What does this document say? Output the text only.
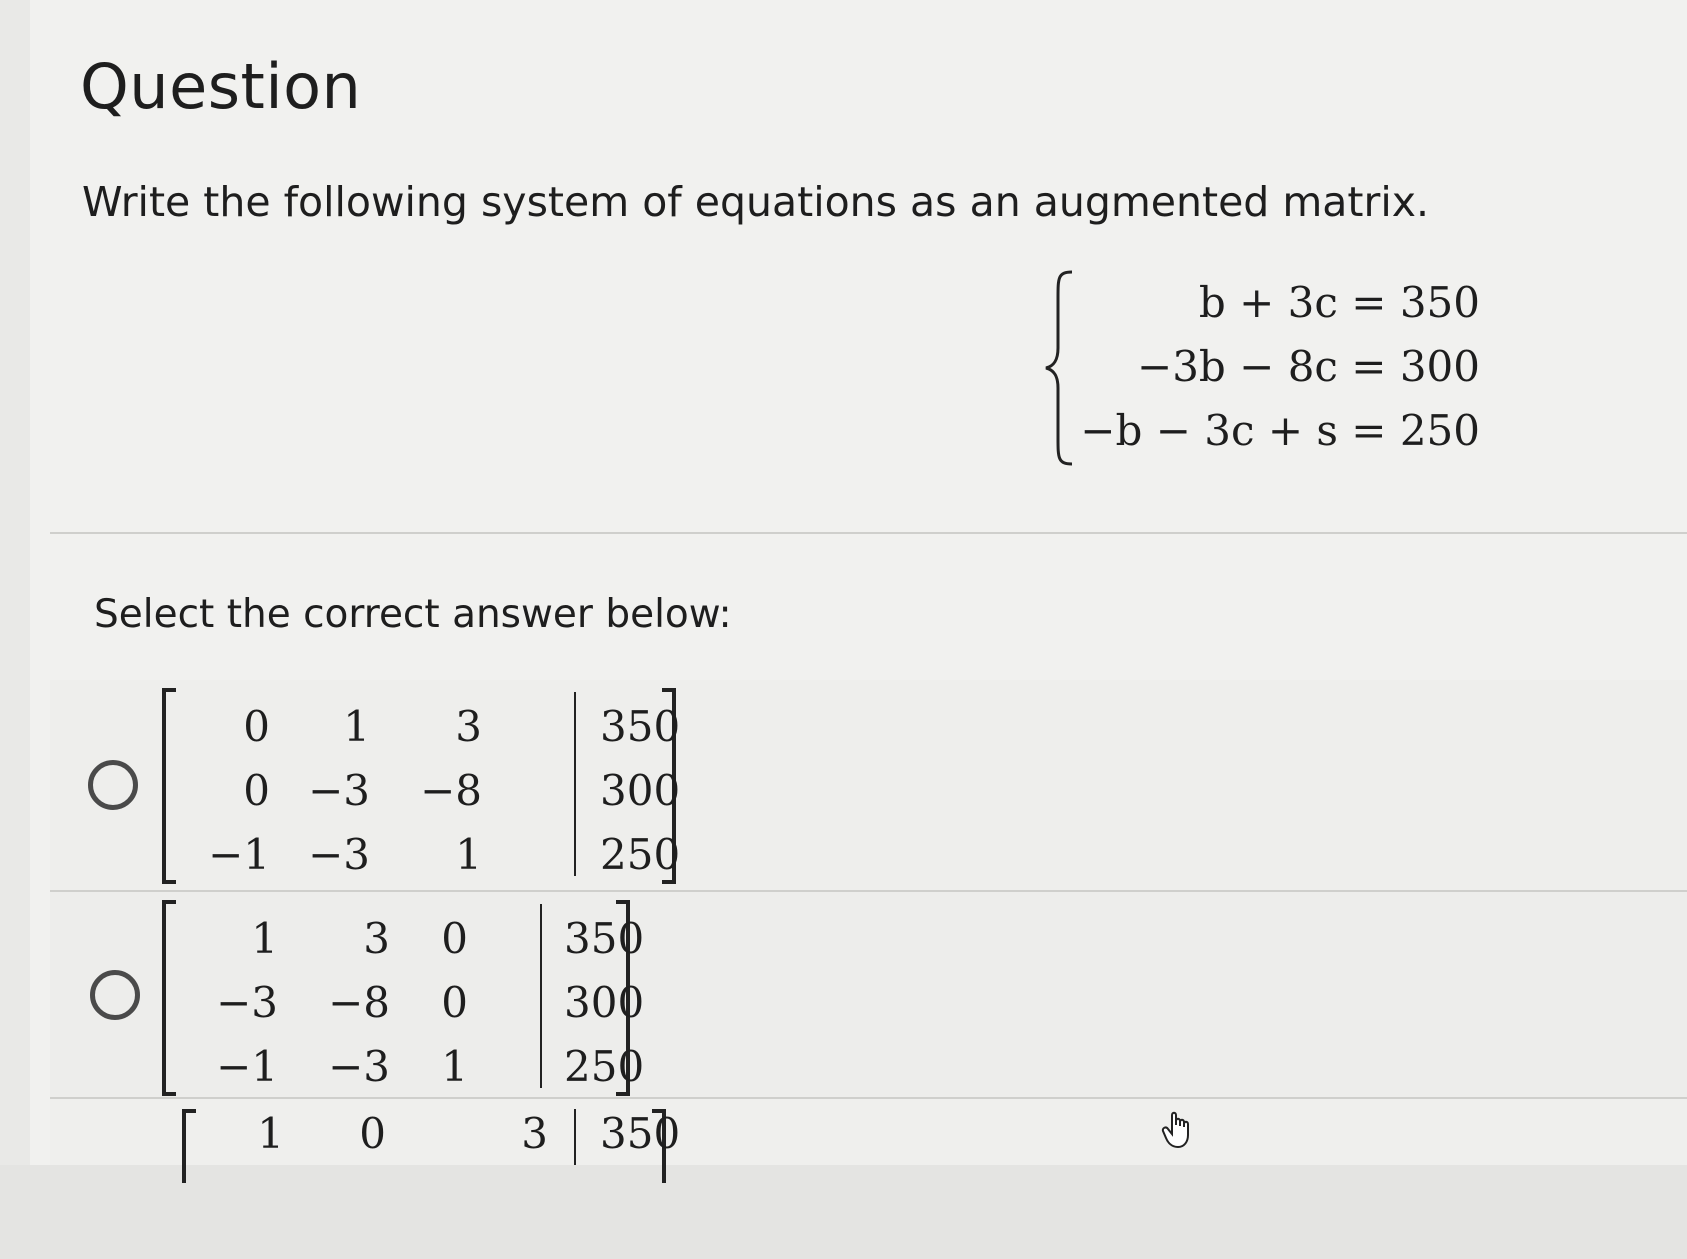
Question
Write the following system of equations as an augmented matrix.
b + 3c = 350
−3b − 8c = 300
−b − 3c + s = 250
Select the correct answer below:
0	1	3	350
0 −3	−8	300
−1 −3	1	250
1	3	0 350
−3	−8	0 300
−1	−3	1 250
1	0	3 350
